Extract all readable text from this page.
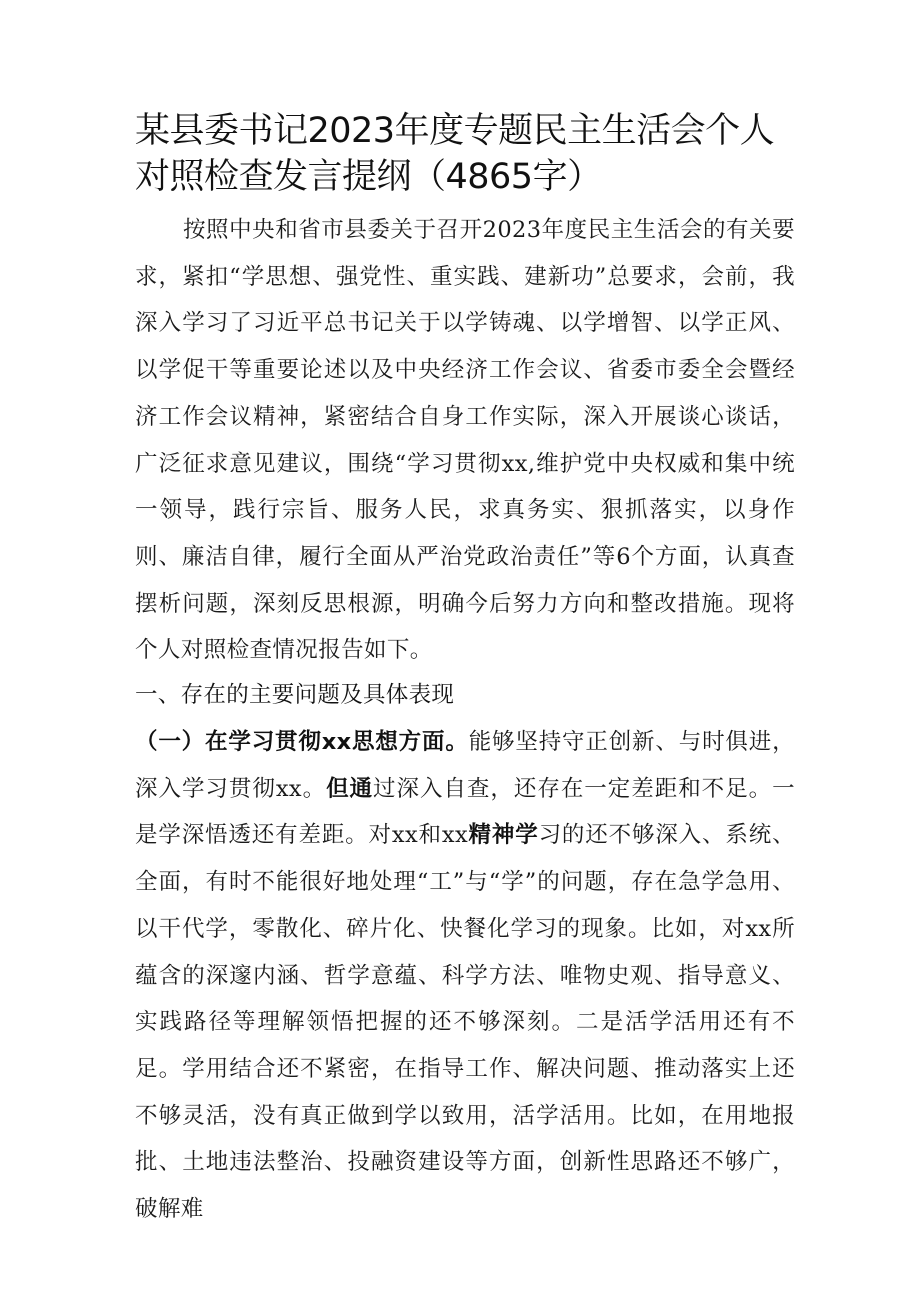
某县委书记2023年度专题民主生活会个人对照检查发言提纲（4865字）

按照中央和省市县委关于召开2023年度民主生活会的有关要求，紧扣“学思想、强党性、重实践、建新功”总要求，会前，我深入学习了习近平总书记关于以学铸魂、以学增智、以学正风、以学促干等重要论述以及中央经济工作会议、省委市委全会暨经济工作会议精神，紧密结合自身工作实际，深入开展谈心谈话，广泛征求意见建议，围绕“学习贯彻xx,维护党中央权威和集中统一领导，践行宗旨、服务人民，求真务实、狠抓落实，以身作则、廉洁自律，履行全面从严治党政治责任”等6个方面，认真查摆析问题，深刻反思根源，明确今后努力方向和整改措施。现将个人对照检查情况报告如下。

一、存在的主要问题及具体表现

（一）在学习贯彻xx思想方面。能够坚持守正创新、与时俱进，深入学习贯彻xx。但通过深入自查，还存在一定差距和不足。一是学深悟透还有差距。对xx和xx精神学习的还不够深入、系统、全面，有时不能很好地处理“工”与“学”的问题，存在急学急用、以干代学，零散化、碎片化、快餐化学习的现象。比如，对xx所蕴含的深邃内涵、哲学意蕴、科学方法、唯物史观、指导意义、实践路径等理解领悟把握的还不够深刻。二是活学活用还有不足。学用结合还不紧密，在指导工作、解决问题、推动落实上还不够灵活，没有真正做到学以致用，活学活用。比如，在用地报批、土地违法整治、投融资建设等方面，创新性思路还不够广，破解难
